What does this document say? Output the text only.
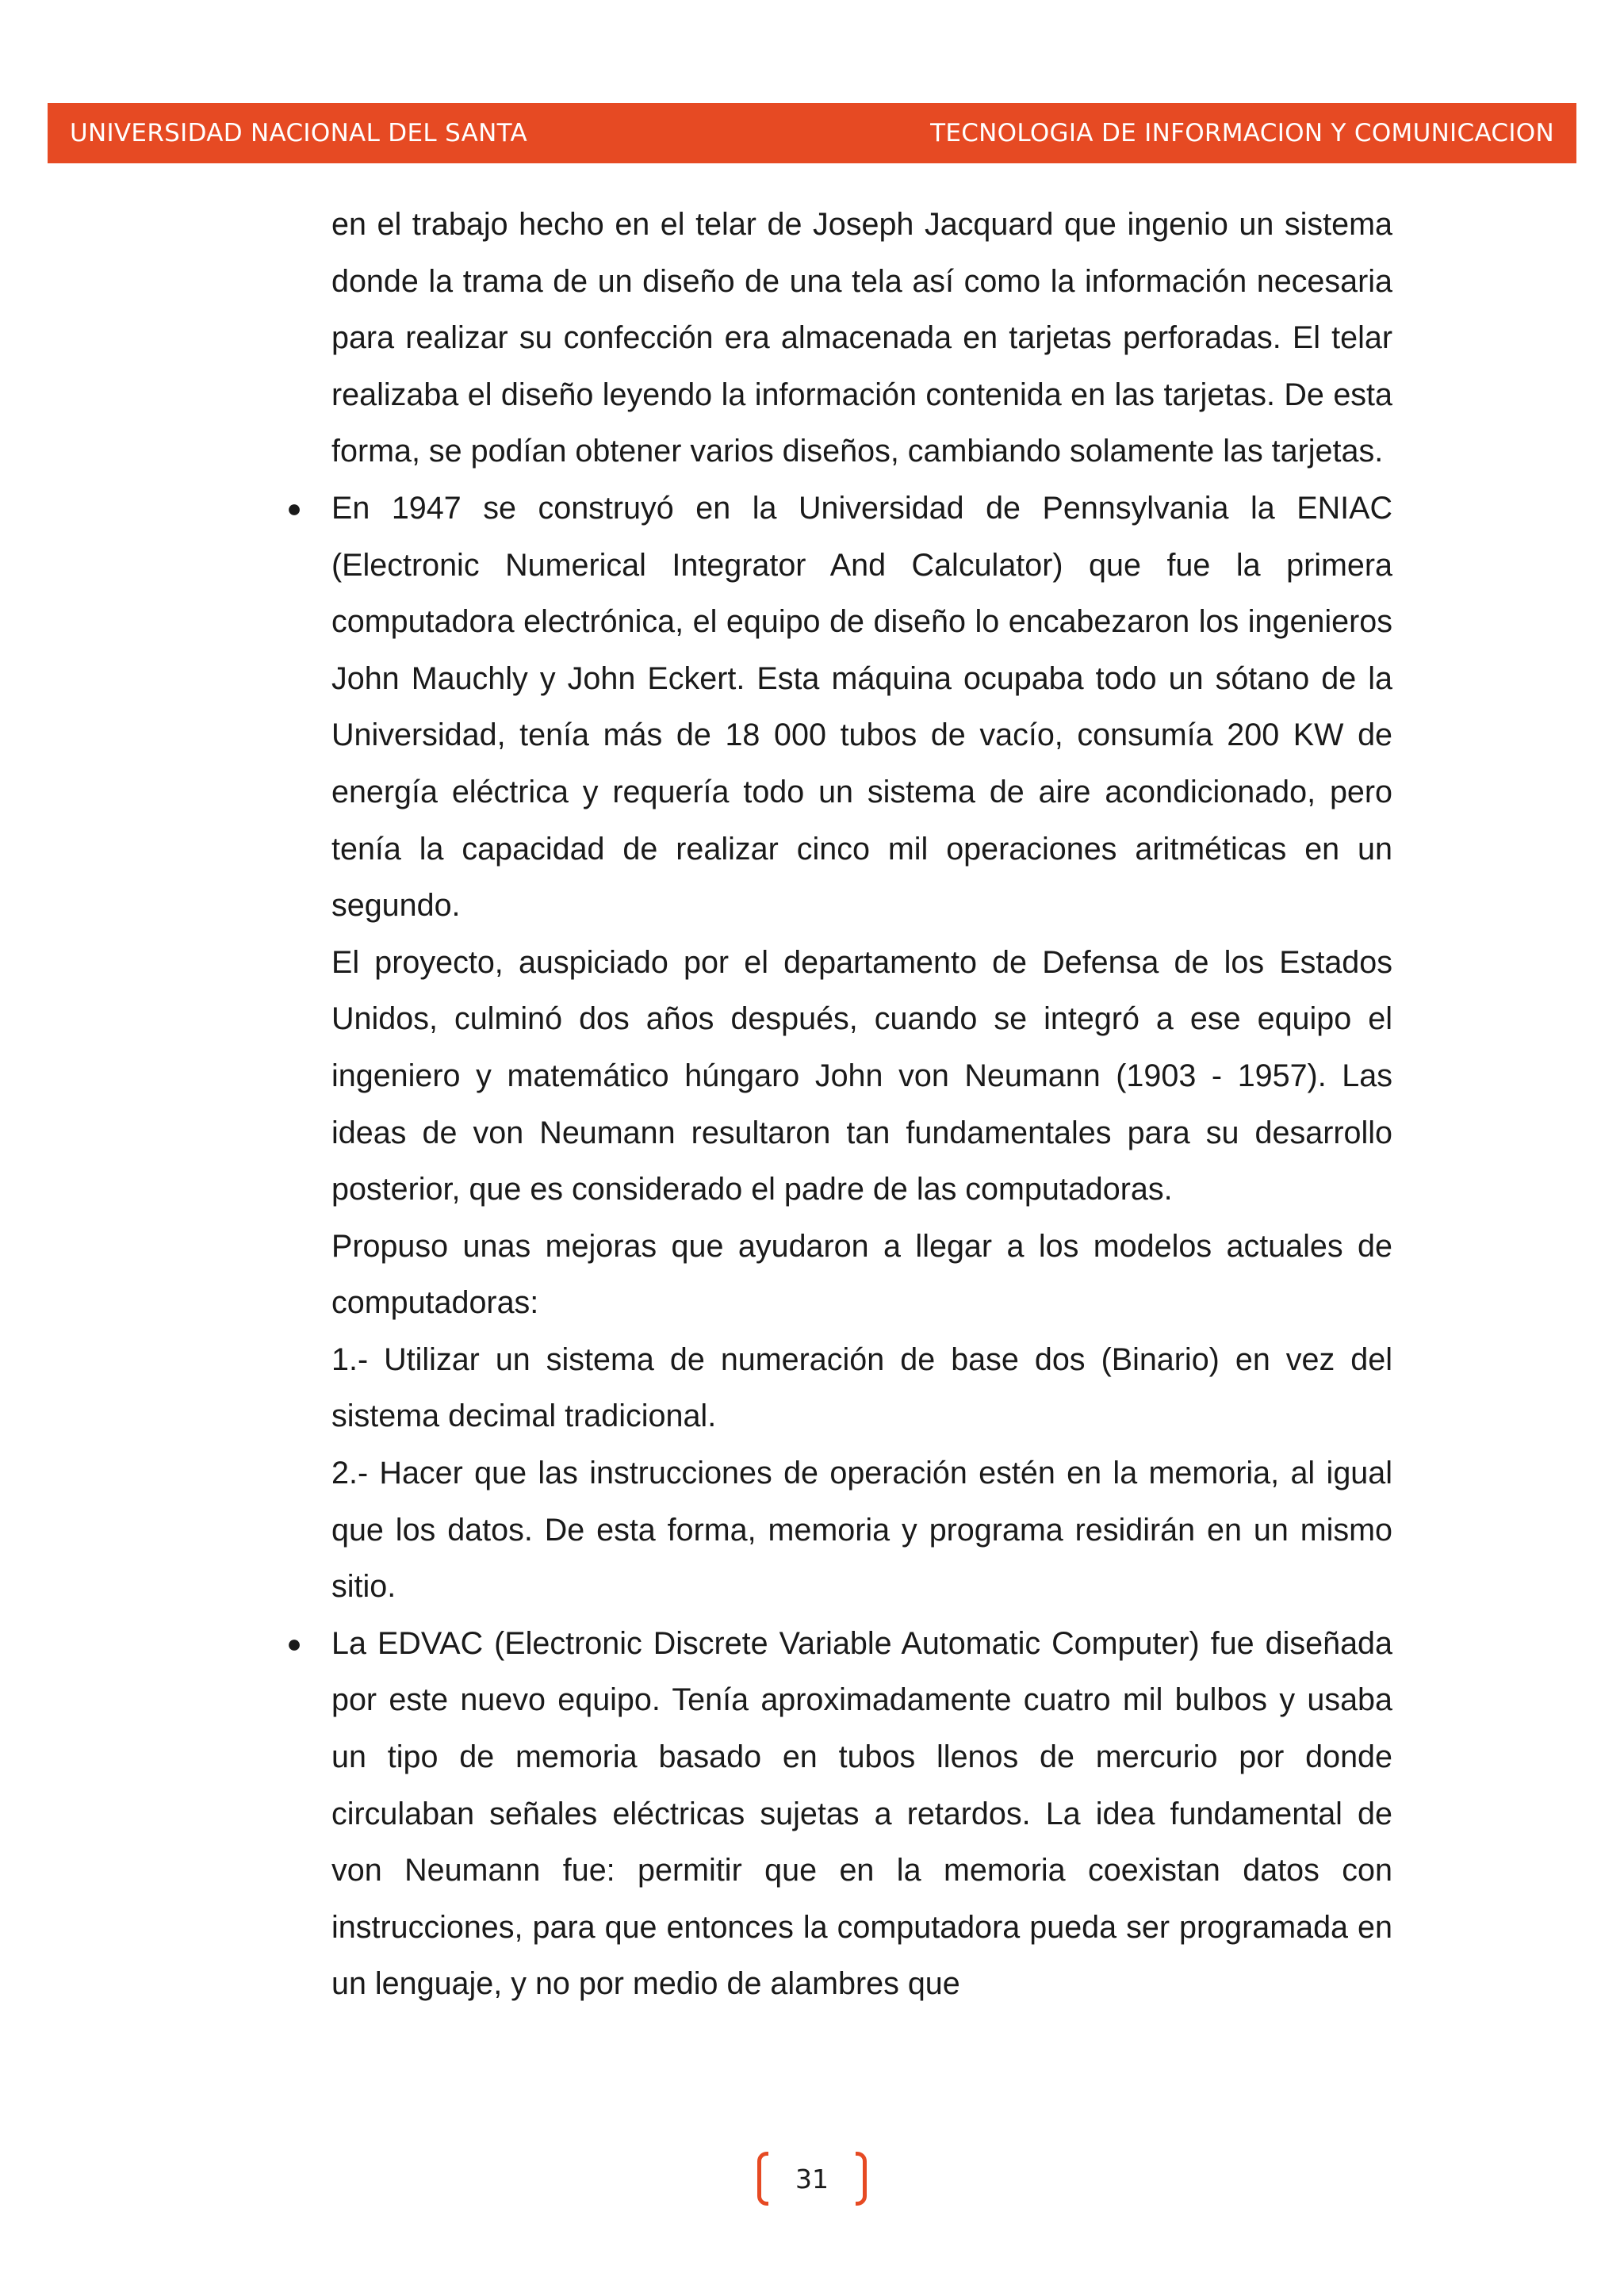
UNIVERSIDAD NACIONAL DEL SANTA	TECNOLOGIA DE INFORMACION Y COMUNICACION

en el trabajo hecho en el telar de Joseph Jacquard que ingenio un sistema donde la trama de un diseño de una tela así como la información necesaria para realizar su confección era almacenada en tarjetas perforadas. El telar realizaba el diseño leyendo la información contenida en las tarjetas. De esta forma, se podían obtener varios diseños, cambiando solamente las tarjetas.

● En 1947 se construyó en la Universidad de Pennsylvania la ENIAC (Electronic Numerical Integrator And Calculator) que fue la primera computadora electrónica, el equipo de diseño lo encabezaron los ingenieros John Mauchly y John Eckert. Esta máquina ocupaba todo un sótano de la Universidad, tenía más de 18 000 tubos de vacío, consumía 200 KW de energía eléctrica y requería todo un sistema de aire acondicionado, pero tenía la capacidad de realizar cinco mil operaciones aritméticas en un segundo.

El proyecto, auspiciado por el departamento de Defensa de los Estados Unidos, culminó dos años después, cuando se integró a ese equipo el ingeniero y matemático húngaro John von Neumann (1903 - 1957). Las ideas de von Neumann resultaron tan fundamentales para su desarrollo posterior, que es considerado el padre de las computadoras.

Propuso unas mejoras que ayudaron a llegar a los modelos actuales de computadoras:

1.- Utilizar un sistema de numeración de base dos (Binario) en vez del sistema decimal tradicional.

2.- Hacer que las instrucciones de operación estén en la memoria, al igual que los datos. De esta forma, memoria y programa residirán en un mismo sitio.

● La EDVAC (Electronic Discrete Variable Automatic Computer) fue diseñada por este nuevo equipo. Tenía aproximadamente cuatro mil bulbos y usaba un tipo de memoria basado en tubos llenos de mercurio por donde circulaban señales eléctricas sujetas a retardos. La idea fundamental de von Neumann fue: permitir que en la memoria coexistan datos con instrucciones, para que entonces la computadora pueda ser programada en un lenguaje, y no por medio de alambres que

31
